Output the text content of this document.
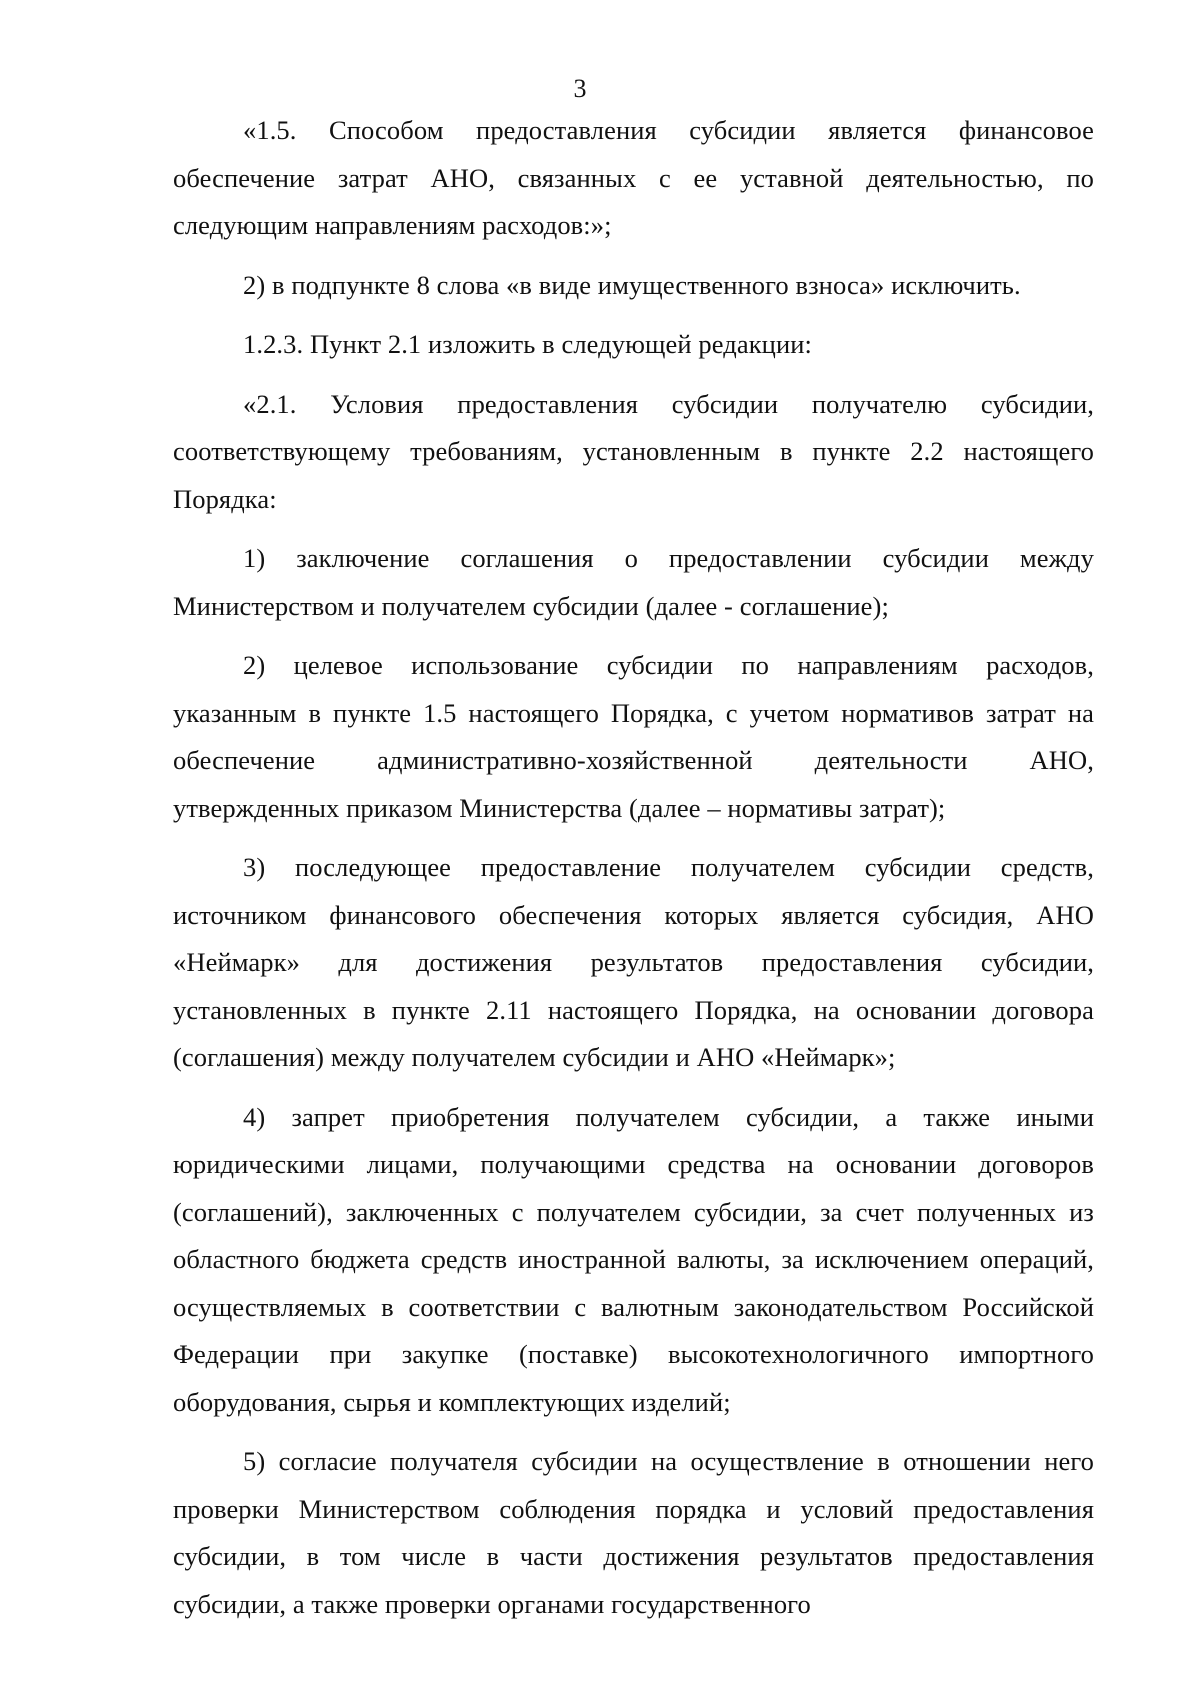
3

«1.5. Способом предоставления субсидии является финансовое обеспечение затрат АНО, связанных с ее уставной деятельностью, по следующим направлениям расходов:»;

2) в подпункте 8 слова «в виде имущественного взноса» исключить.

1.2.3. Пункт 2.1 изложить в следующей редакции:

«2.1. Условия предоставления субсидии получателю субсидии, соответствующему требованиям, установленным в пункте 2.2 настоящего Порядка:

1) заключение соглашения о предоставлении субсидии между Министерством и получателем субсидии (далее - соглашение);

2) целевое использование субсидии по направлениям расходов, указанным в пункте 1.5 настоящего Порядка, с учетом нормативов затрат на обеспечение административно-хозяйственной деятельности АНО, утвержденных приказом Министерства (далее – нормативы затрат);

3) последующее предоставление получателем субсидии средств, источником финансового обеспечения которых является субсидия, АНО «Неймарк» для достижения результатов предоставления субсидии, установленных в пункте 2.11 настоящего Порядка, на основании договора (соглашения) между получателем субсидии и АНО «Неймарк»;

4) запрет приобретения получателем субсидии, а также иными юридическими лицами, получающими средства на основании договоров (соглашений), заключенных с получателем субсидии, за счет полученных из областного бюджета средств иностранной валюты, за исключением операций, осуществляемых в соответствии с валютным законодательством Российской Федерации при закупке (поставке) высокотехнологичного импортного оборудования, сырья и комплектующих изделий;

5) согласие получателя субсидии на осуществление в отношении него проверки Министерством соблюдения порядка и условий предоставления субсидии, в том числе в части достижения результатов предоставления субсидии, а также проверки органами государственного
